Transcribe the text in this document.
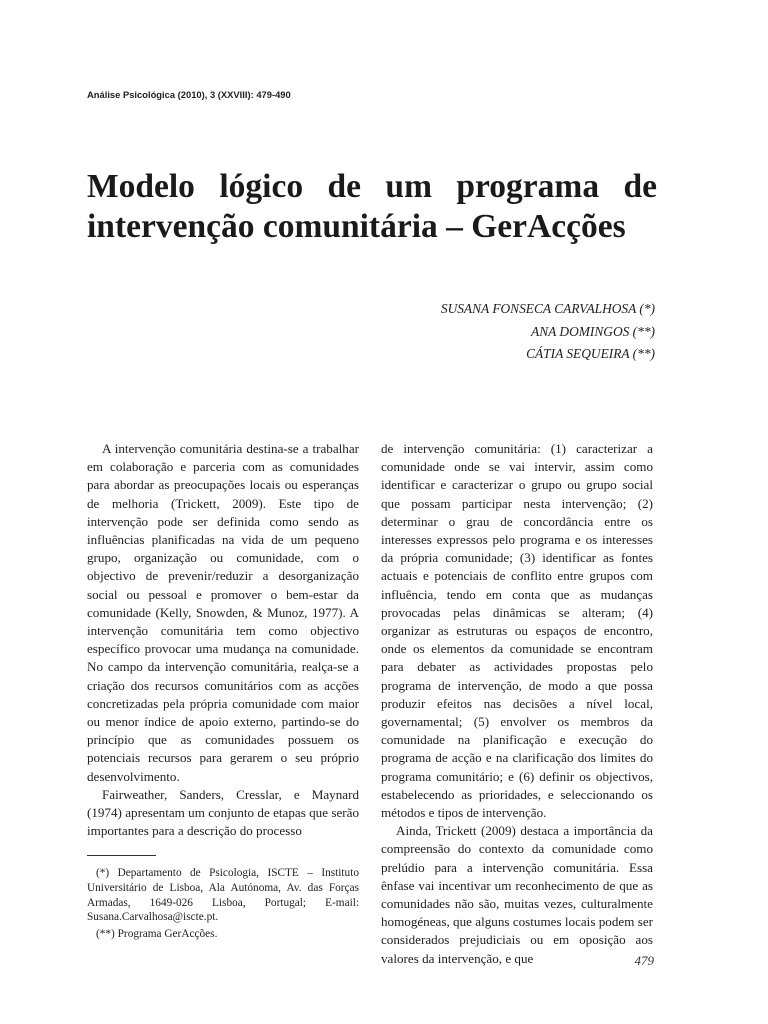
Análise Psicológica (2010), 3 (XXVIII): 479-490
Modelo lógico de um programa de
intervenção comunitária – GerAcções
SUSANA FONSECA CARVALHOSA (*)
ANA DOMINGOS (**)
CÁTIA SEQUEIRA (**)

A intervenção comunitária destina-se a trabalhar em colaboração e parceria com as comunidades para abordar as preocupações locais ou esperanças de melhoria (Trickett, 2009). Este tipo de intervenção pode ser definida como sendo as influências planificadas na vida de um pequeno grupo, organização ou comunidade, com o objectivo de prevenir/reduzir a desorganização social ou pessoal e promover o bem-estar da comunidade (Kelly, Snowden, & Munoz, 1977). A intervenção comunitária tem como objectivo específico provocar uma mudança na comunidade. No campo da intervenção comunitária, realça-se a criação dos recursos comunitários com as acções concretizadas pela própria comunidade com maior ou menor índice de apoio externo, partindo-se do princípio que as comunidades possuem os potenciais recursos para gerarem o seu próprio desenvolvimento.

Fairweather, Sanders, Cresslar, e Maynard (1974) apresentam um conjunto de etapas que serão importantes para a descrição do processo

de intervenção comunitária: (1) caracterizar a comunidade onde se vai intervir, assim como identificar e caracterizar o grupo ou grupo social que possam participar nesta intervenção; (2) determinar o grau de concordância entre os interesses expressos pelo programa e os interesses da própria comunidade; (3) identificar as fontes actuais e potenciais de conflito entre grupos com influência, tendo em conta que as mudanças provocadas pelas dinâmicas se alteram; (4) organizar as estruturas ou espaços de encontro, onde os elementos da comunidade se encontram para debater as actividades propostas pelo programa de intervenção, de modo a que possa produzir efeitos nas decisões a nível local, governamental; (5) envolver os membros da comunidade na planificação e execução do programa de acção e na clarificação dos limites do programa comunitário; e (6) definir os objectivos, estabelecendo as prioridades, e seleccionando os métodos e tipos de intervenção.

Ainda, Trickett (2009) destaca a importância da compreensão do contexto da comunidade como prelúdio para a intervenção comunitária. Essa ênfase vai incentivar um reconhecimento de que as comunidades não são, muitas vezes, culturalmente homogéneas, que alguns costumes locais podem ser considerados prejudiciais ou em oposição aos valores da intervenção, e que

(*) Departamento de Psicologia, ISCTE – Instituto Universitário de Lisboa, Ala Autónoma, Av. das Forças Armadas, 1649-026 Lisboa, Portugal; E-mail: Susana.Carvalhosa@iscte.pt.

(**) Programa GerAcções.

479
